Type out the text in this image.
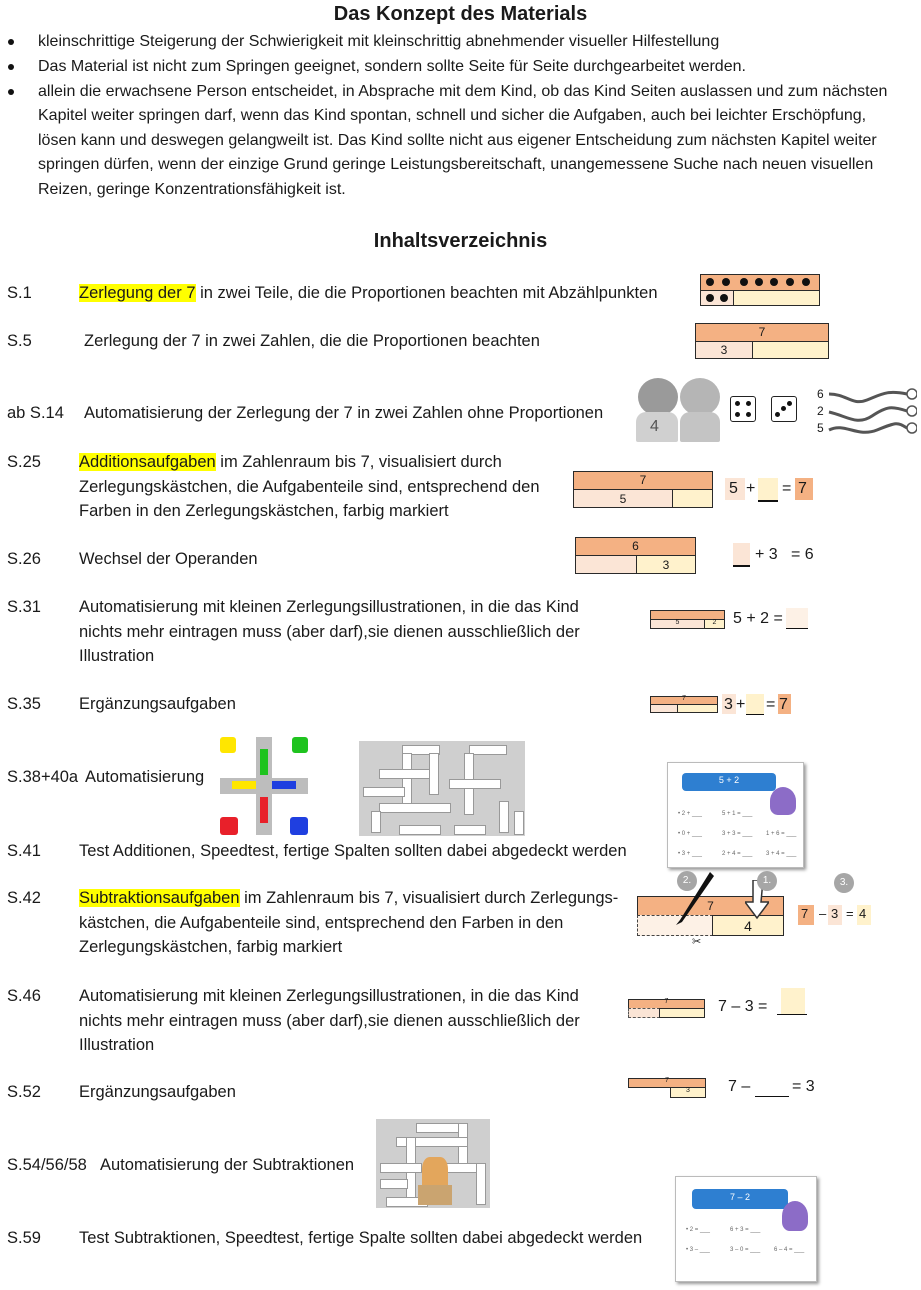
Das Konzept des Materials
kleinschrittige Steigerung der Schwierigkeit mit kleinschrittig abnehmender visueller Hilfestellung
Das Material ist nicht zum Springen geeignet, sondern sollte Seite für Seite durchgearbeitet werden.
allein die erwachsene Person entscheidet, in Absprache mit dem Kind, ob das Kind Seiten auslassen und zum nächsten Kapitel weiter springen darf, wenn das Kind spontan, schnell und sicher die Aufgaben, auch bei leichter Erschöpfung, lösen kann und deswegen gelangweilt ist. Das Kind sollte nicht aus eigener Entscheidung zum nächsten Kapitel weiter springen dürfen, wenn der einzige Grund geringe Leistungsbereitschaft, unangemessene Suche nach neuen visuellen Reizen, geringe Konzentrationsfähigkeit ist.
Inhaltsverzeichnis
S.1	Zerlegung der 7 in zwei Teile, die die Proportionen beachten mit Abzählpunkten
S.5	Zerlegung der 7 in zwei Zahlen, die die Proportionen beachten
ab S.14 Automatisierung der Zerlegung der 7 in zwei Zahlen ohne Proportionen
S.25 Additionsaufgaben im Zahlenraum bis 7, visualisiert durch Zerlegungskästchen, die Aufgabenteile sind, entsprechend den Farben in den Zerlegungskästchen, farbig markiert
S.26 Wechsel der Operanden
S.31 Automatisierung mit kleinen Zerlegungsillustrationen, in die das Kind nichts mehr eintragen muss (aber darf),sie dienen ausschließlich der Illustration
S.35 Ergänzungsaufgaben
S.38+40a Automatisierung
S.41 Test Additionen, Speedtest, fertige Spalten sollten dabei abgedeckt werden
S.42 Subtraktionsaufgaben im Zahlenraum bis 7, visualisiert durch Zerlegungs-kästchen, die Aufgabenteile sind, entsprechend den Farben in den Zerlegungskästchen, farbig markiert
S.46 Automatisierung mit kleinen Zerlegungsillustrationen, in die das Kind nichts mehr eintragen muss (aber darf),sie dienen ausschließlich der Illustration
S.52 Ergänzungsaufgaben
S.54/56/58 Automatisierung der Subtraktionen
S.59 Test Subtraktionen, Speedtest, fertige Spalte sollten dabei abgedeckt werden
7
3
4
6
2
5
7
5
5 + = 7
6
3
+ 3 = 6
5	2	5 + 2 =
7	3 + = 7
5 + 2
• 2 + ___	5 + 1 = ___
• 0 + ___	3 + 3 = ___ 1 + 6 = ___
• 3 + ___	2 + 4 = ___ 3 + 4 = ___
7
4
2.	1.	3.
✂
7 – 3 = 4
7	7 – 3 =
7
3	7 –	= 3
7 – 2
• 2 = ___	6 + 3 = ___
• 3 – ___	3 – 0 = ___ 6 – 4 = ___
